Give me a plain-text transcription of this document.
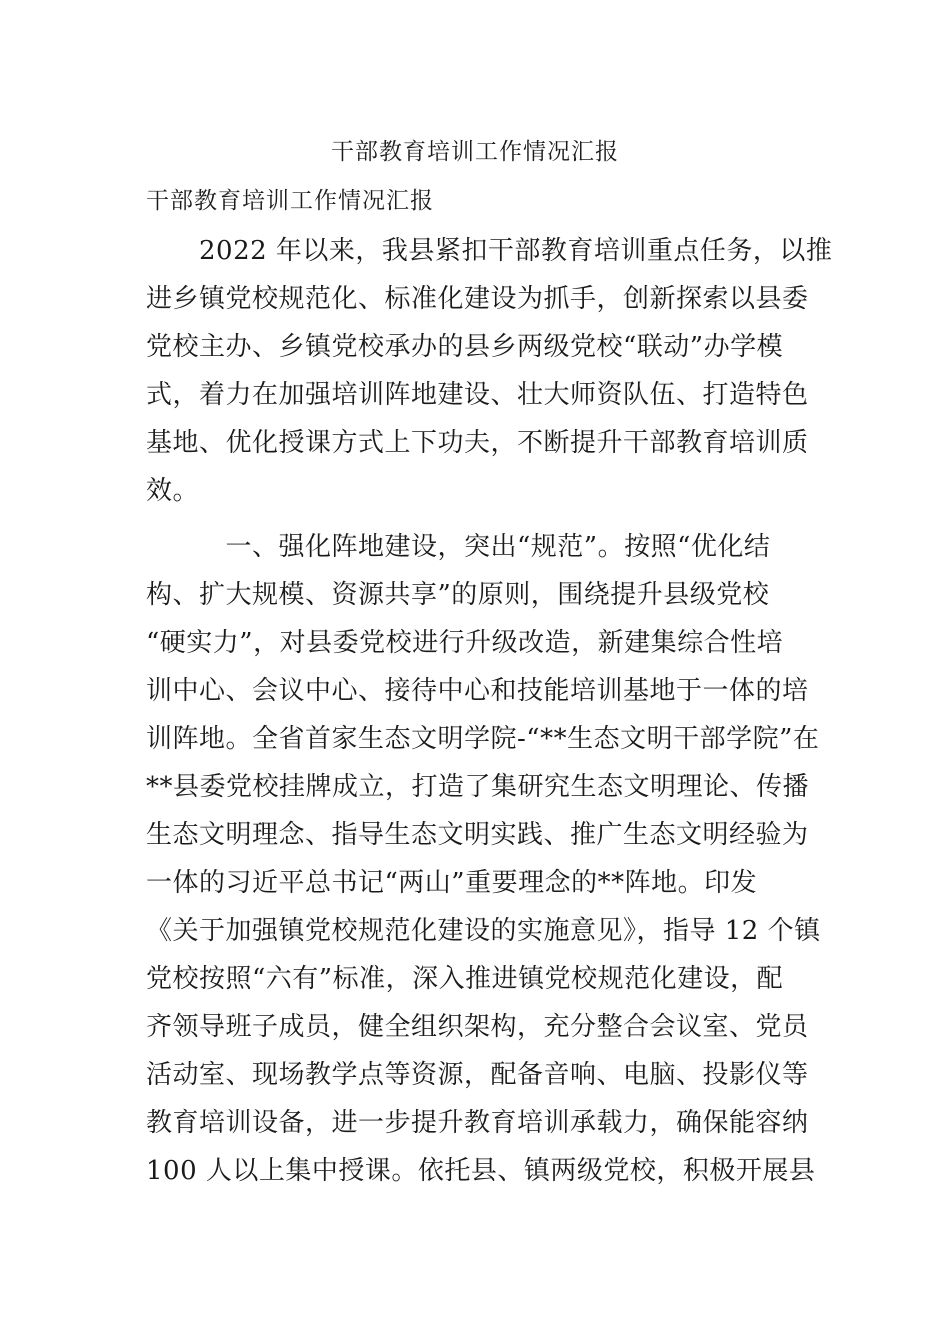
干部教育培训工作情况汇报
干部教育培训工作情况汇报
　　2022 年以来，我县紧扣干部教育培训重点任务，以推
进乡镇党校规范化、标准化建设为抓手，创新探索以县委
党校主办、乡镇党校承办的县乡两级党校“联动”办学模
式，着力在加强培训阵地建设、壮大师资队伍、打造特色
基地、优化授课方式上下功夫，不断提升干部教育培训质
效。
　　　一、强化阵地建设，突出“规范”。按照“优化结
构、扩大规模、资源共享”的原则，围绕提升县级党校
“硬实力”，对县委党校进行升级改造，新建集综合性培
训中心、会议中心、接待中心和技能培训基地于一体的培
训阵地。全省首家生态文明学院-“**生态文明干部学院”在
**县委党校挂牌成立，打造了集研究生态文明理论、传播
生态文明理念、指导生态文明实践、推广生态文明经验为
一体的习近平总书记“两山”重要理念的**阵地。印发
《关于加强镇党校规范化建设的实施意见》，指导 12 个镇
党校按照“六有”标准，深入推进镇党校规范化建设，配
齐领导班子成员，健全组织架构，充分整合会议室、党员
活动室、现场教学点等资源，配备音响、电脑、投影仪等
教育培训设备，进一步提升教育培训承载力，确保能容纳
100 人以上集中授课。依托县、镇两级党校，积极开展县
